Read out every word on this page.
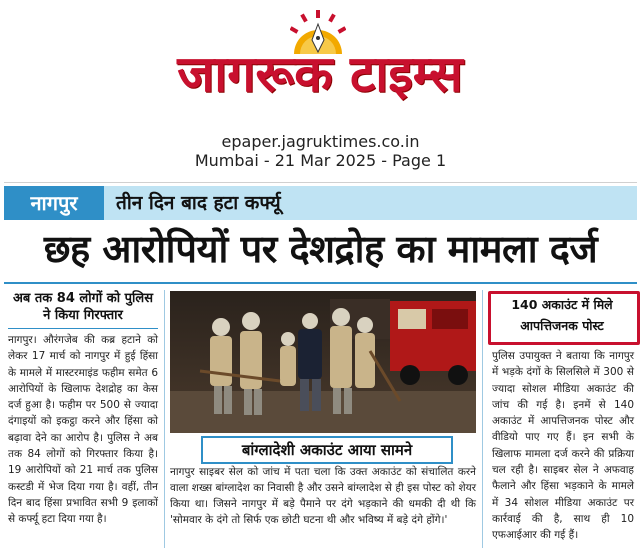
जागरूक टाइम्स
epaper.jagruktimes.co.in
Mumbai - 21 Mar 2025 - Page 1
नागपुर	तीन दिन बाद हटा कर्फ्यू
छह आरोपियों पर देशद्रोह का मामला दर्ज
अब तक 84 लोगों को पुलिस ने किया गिरफ्तार
नागपुर। औरंगजेब की कब्र हटाने को लेकर 17 मार्च को नागपुर में हुई हिंसा के मामले में मास्टरमाइंड फहीम समेत 6 आरोपियों के खिलाफ देशद्रोह का केस दर्ज हुआ है। फहीम पर 500 से ज्यादा दंगाइयों को इकट्ठा करने और हिंसा को बढ़ावा देने का आरोप है। पुलिस ने अब तक 84 लोगों को गिरफ्तार किया है। 19 आरोपियों को 21 मार्च तक पुलिस कस्टडी में भेज दिया गया है। वहीं, तीन दिन बाद हिंसा प्रभावित सभी 9 इलाकों से कर्फ्यू हटा दिया गया है।
बांग्लादेशी अकाउंट आया सामने
नागपुर साइबर सेल को जांच में पता चला कि उक्त अकाउंट को संचालित करने वाला शख्स बांग्लादेश का निवासी है और उसने बांग्लादेश से ही इस पोस्ट को शेयर किया था। जिसने नागपुर में बड़े पैमाने पर दंगे भड़काने की धमकी दी थी कि 'सोमवार के दंगे तो सिर्फ एक छोटी घटना थी और भविष्य में बड़े दंगे होंगे।'
140 अकाउंट में मिले आपत्तिजनक पोस्ट
पुलिस उपायुक्त ने बताया कि नागपुर में भड़के दंगों के सिलसिले में 300 से ज्यादा सोशल मीडिया अकाउंट की जांच की गई है। इनमें से 140 अकाउंट में आपत्तिजनक पोस्ट और वीडियो पाए गए हैं। इन सभी के खिलाफ मामला दर्ज करने की प्रक्रिया चल रही है। साइबर सेल ने अफवाह फैलाने और हिंसा भड़काने के मामले में 34 सोशल मीडिया अकाउंट पर कार्रवाई की है, साथ ही 10 एफआईआर की गई हैं।
